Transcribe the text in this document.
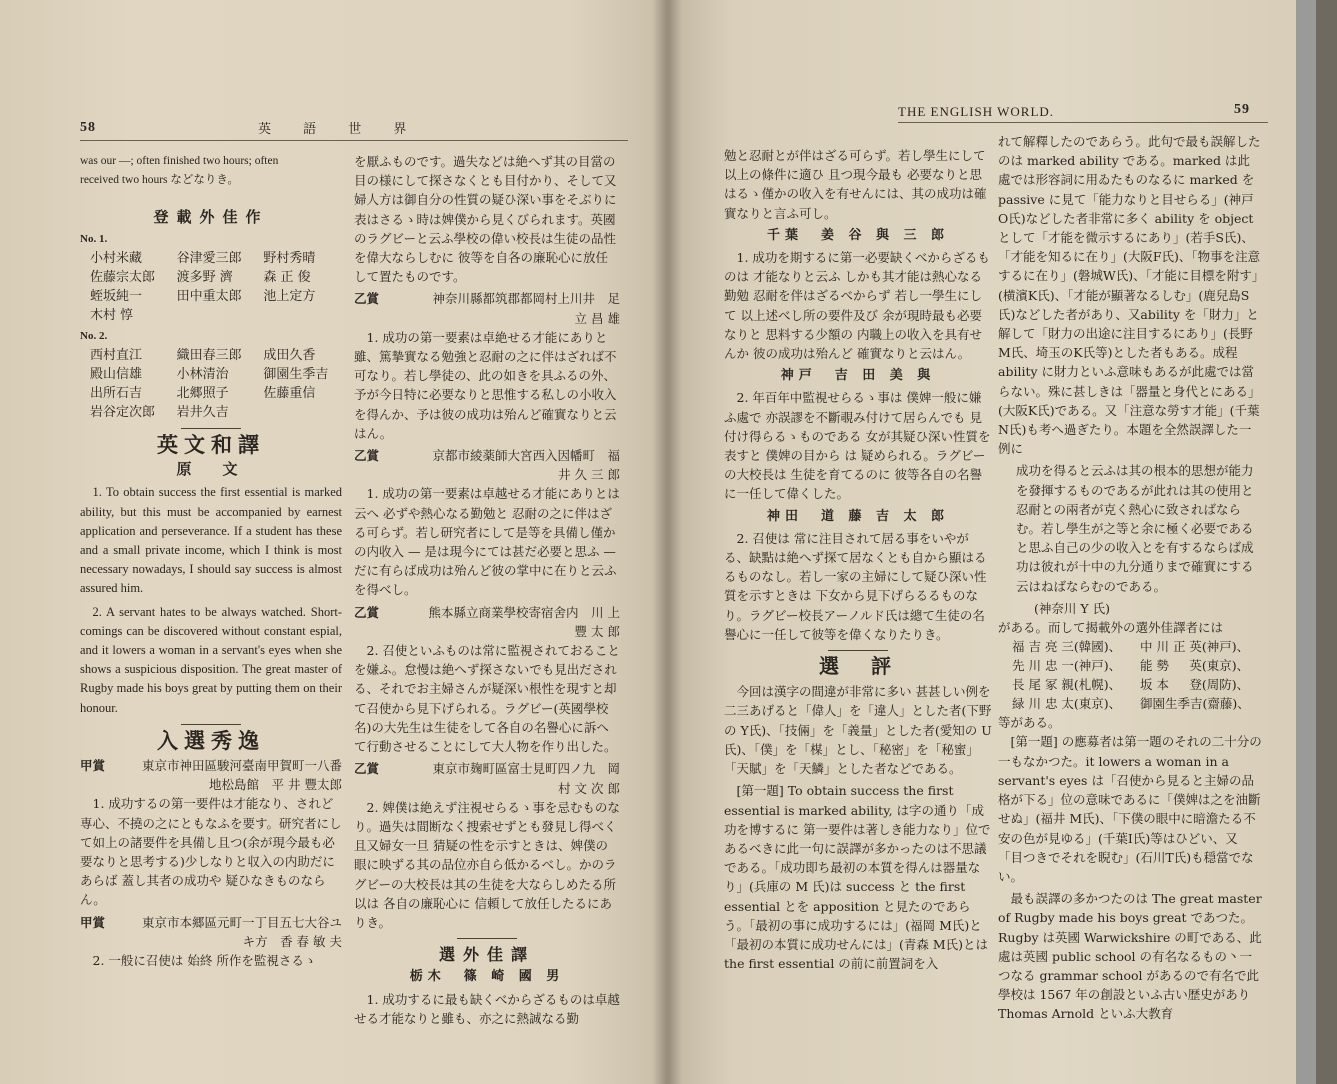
58	英 語 世 界
was our —; often finished two hours; often
received two hours などなりき。
登載外佳作
No. 1.
小村米藏	谷津愛三郎	野村秀晴
佐藤宗太郎	渡多野 濟	森 正 俊
蛭坂純一	田中重太郎	池上定方
木村 惇
No. 2.
西村直江	織田春三郎	成田久香
殿山信雄	小林清治	御園生季吉
出所石吉	北郷照子	佐藤重信
岩谷定次郎	岩井久吉
英文和譯
原　文

1. To obtain success the first essential is marked ability, but this must be accompanied by earnest application and perseverance. If a student has these and a small private income, which I think is most necessary nowadays, I should say success is almost assured him.

2. A servant hates to be always watched. Short-comings can be discovered without constant espial, and it lowers a woman in a servant's eyes when she shows a suspicious disposition. The great master of Rugby made his boys great by putting them on their honour.

入選秀逸
甲賞	東京市神田區駿河臺南甲賀町一八番地松島館　平 井 豐太郎

1. 成功するの第一要件は才能なり、されど専心、不撓の之にともなふを要す。研究者にして如上の諸要件を具備し且つ(余が現今最も必要なりと思考する)少しなりと収入の内助だにあらば 蓋し其者の成功や 疑ひなきものならん。

甲賞	東京市本郷區元町一丁目五七大谷ユキ方　香 春 敏 夫

2. 一般に召使は 始終 所作を監視さるゝ

を厭ふものです。過失などは絶へず其の目當の目の様にして探さなくとも目付かり、そして又婦人方は御自分の性質の疑ひ深い事をそぶりに表はさるゝ時は婢僕から見くびられます。英國のラグビーと云ふ學校の偉い校長は生徒の品性を偉大ならしむに 彼等を自各の廉恥心に放任して置たものです。

乙賞	神奈川縣都筑郡都岡村上川井　足 立 昌 雄

1. 成功の第一要素は卓絶せる才能にありと雖、篤摯實なる勉強と忍耐の之に伴はざれば不可なり。若し學徒の、此の如きを具ふるの外、予が今日特に必要なりと思惟する私しの小收入を得んか、予は彼の成功は殆んど確實なりと云はん。

乙賞	京都市綾薬師大宮西入因幡町　福 井 久 三 郎

1. 成功の第一要素は卓越せる才能にありとは云へ 必ずや熱心なる勤勉と 忍耐の之に伴はざる可らず。若し研究者にして是等を具備し僅かの内收入 — 是は現今にては甚だ必要と思ふ — だに有らば成功は殆んど彼の掌中に在りと云ふを得べし。

乙賞	熊本縣立商業學校寄宿舍内　川 上 豐 太 郎

2. 召使といふものは常に監視されておることを嫌ふ。怠慢は絶へず探さないでも見出だされる、それでお主婦さんが疑深い根性を現すと却て召使から見下げられる。ラグビー(英國學校名)の大先生は生徒をして各自の名譽心に訴へて行動させることにして大人物を作り出した。

乙賞	東京市麹町區富士見町四ノ九　岡 村 文 次 郎

2. 婢僕は絶えず注視せらるゝ事を忌むものなり。過失は間断なく捜索せずとも發見し得べく 且又婦女一旦 猜疑の性を示すときは、婢僕の眼に映ずる其の品位亦自ら低かるべし。かのラグビーの大校長は其の生徒を大ならしめたる所以は 各自の廉恥心に 信頼して放任したるにありき。

選外佳譯
栃木　篠 崎 國 男

1. 成功するに最も缺くべからざるものは卓越せる才能なりと雖も、亦之に熱誠なる勤

THE ENGLISH WORLD.	59

勉と忍耐とが伴はざる可らず。若し學生にして以上の條件に適ひ 且つ現今最も 必要なりと思はるゝ僅かの收入を有せんには、其の成功は確實なりと言ふ可し。

千葉　姜 谷 與 三 郎

1. 成功を期するに第一必要缺くべからざるものは 才能なりと云ふ しかも其才能は熱心なる勤勉 忍耐を伴はざるべからず 若し一學生にして 以上述べし所の要件及び 余が現時最も必要なりと 思料する少額の 内職上の收入を具有せんか 彼の成功は殆んど 確實なりと云はん。

神戸　吉 田 美 與

2. 年百年中監視せらるゝ事は 僕婢一般に嫌ふ處で 亦誤謬を不斷覗み付けて居らんでも 見付け得らるゝものである 女が其疑ひ深い性質を表すと 僕婢の目から は 疑められる。ラグビーの大校長は 生徒を育てるのに 彼等各自の名譽に一任して偉くした。

神田　道 藤 吉 太 郎

2. 召使は 常に注目されて居る事をいやがる、缺點は絶へず探て居なくとも自から顯はるるものなし。若し一家の主婦にして疑ひ深い性質を示すときは 下女から見下げらるるものなり。ラグビー校長アーノルド氏は總て生徒の名譽心に一任して彼等を偉くなりたりき。

選　評

今回は漢字の間違が非常に多い 甚甚しい例を二三あげると「偉人」を「違人」とした者(下野の Y氏)、「技倆」を「義量」とした者(愛知の U氏)、「僕」を「楳」とし、「秘密」を「秘蜜」「天賦」を「天鱗」とした者などである。

[第一題] To obtain success the first essential is marked ability, は字の通り「成功を博するに 第一要件は著しき能力なり」位であるべきに此一句に誤譯が多かったのは不思議である。「成功即ち最初の本質を得んは器量なり」(兵庫の M 氏)は success と the first essential とを apposition と見たのであらう。「最初の事に成功するには」(福岡 M氏)と「最初の本質に成功せんには」(青森 M氏)とは the first essential の前に前置詞を入

れて解釋したのであらう。此句で最も誤解したのは marked ability である。marked は此處では形容詞に用ゐたものなるに marked を passive に見て「能力なりと目せらる」(神戸O氏)などした者非常に多く ability を object として「才能を微示するにあり」(若手S氏)、「才能を知るに在り」(大阪F氏)、「物事を注意するに在り」(磐城W氏)、「才能に目標を附す」(横濱K氏)、「才能が顯著なるしむ」(鹿兒島S氏)などした者があり、又ability を「財力」と解して「財力の出途に注目するにあり」(長野 M氏、埼玉のK氏等)とした者もある。成程 ability に財力といふ意味もあるが此處では當らない。殊に甚しきは「器量と身代とにある」(大阪K氏)である。又「注意な勞す才能」(千葉N氏)も考へ過ぎたり。本題を全然誤譯した一例に

成功を得ると云ふは其の根本的思想が能力を發揮するものであるが此れは其の使用と忍耐との兩者が克く熱心に致さればならむ。若し學生が之等と余に極く必要であると思ふ自己の少の收入とを有するならば成功は彼れが十中の九分通りまで確實にする云はねばならむのである。

(神奈川 Y 氏)
がある。而して揭載外の選外佳譯者には
福 吉 亮 三(韓國)、	中 川 正 英(神戸)、
先 川 忠 一(神戸)、	能 勢 　 英(東京)、
長 尾 冢 親(札幌)、	坂 本 　 登(周防)、
緑 川 忠 太(東京)、	御園生季吉(齋藤)、
等がある。

[第一題] の應募者は第一題のそれの二十分の一もなかつた。it lowers a woman in a servant's eyes は「召使から見ると主婦の品格が下る」位の意味であるに「僕婢は之を油斷せぬ」(福井 M氏)、「下僕の眼中に暗澹たる不安の色が見ゆる」(千葉I氏)等はひどい、又「目つきでそれを睨む」(石川T氏)も穏當でない。

最も誤譯の多かつたのは The great master of Rugby made his boys great であつた。Rugby は英國 Warwickshire の町である、此處は英國 public school の有名なるもの丶一つなる grammar school があるので有名で此學校は 1567 年の創設といふ古い歴史があり Thomas Arnold といふ大教育
